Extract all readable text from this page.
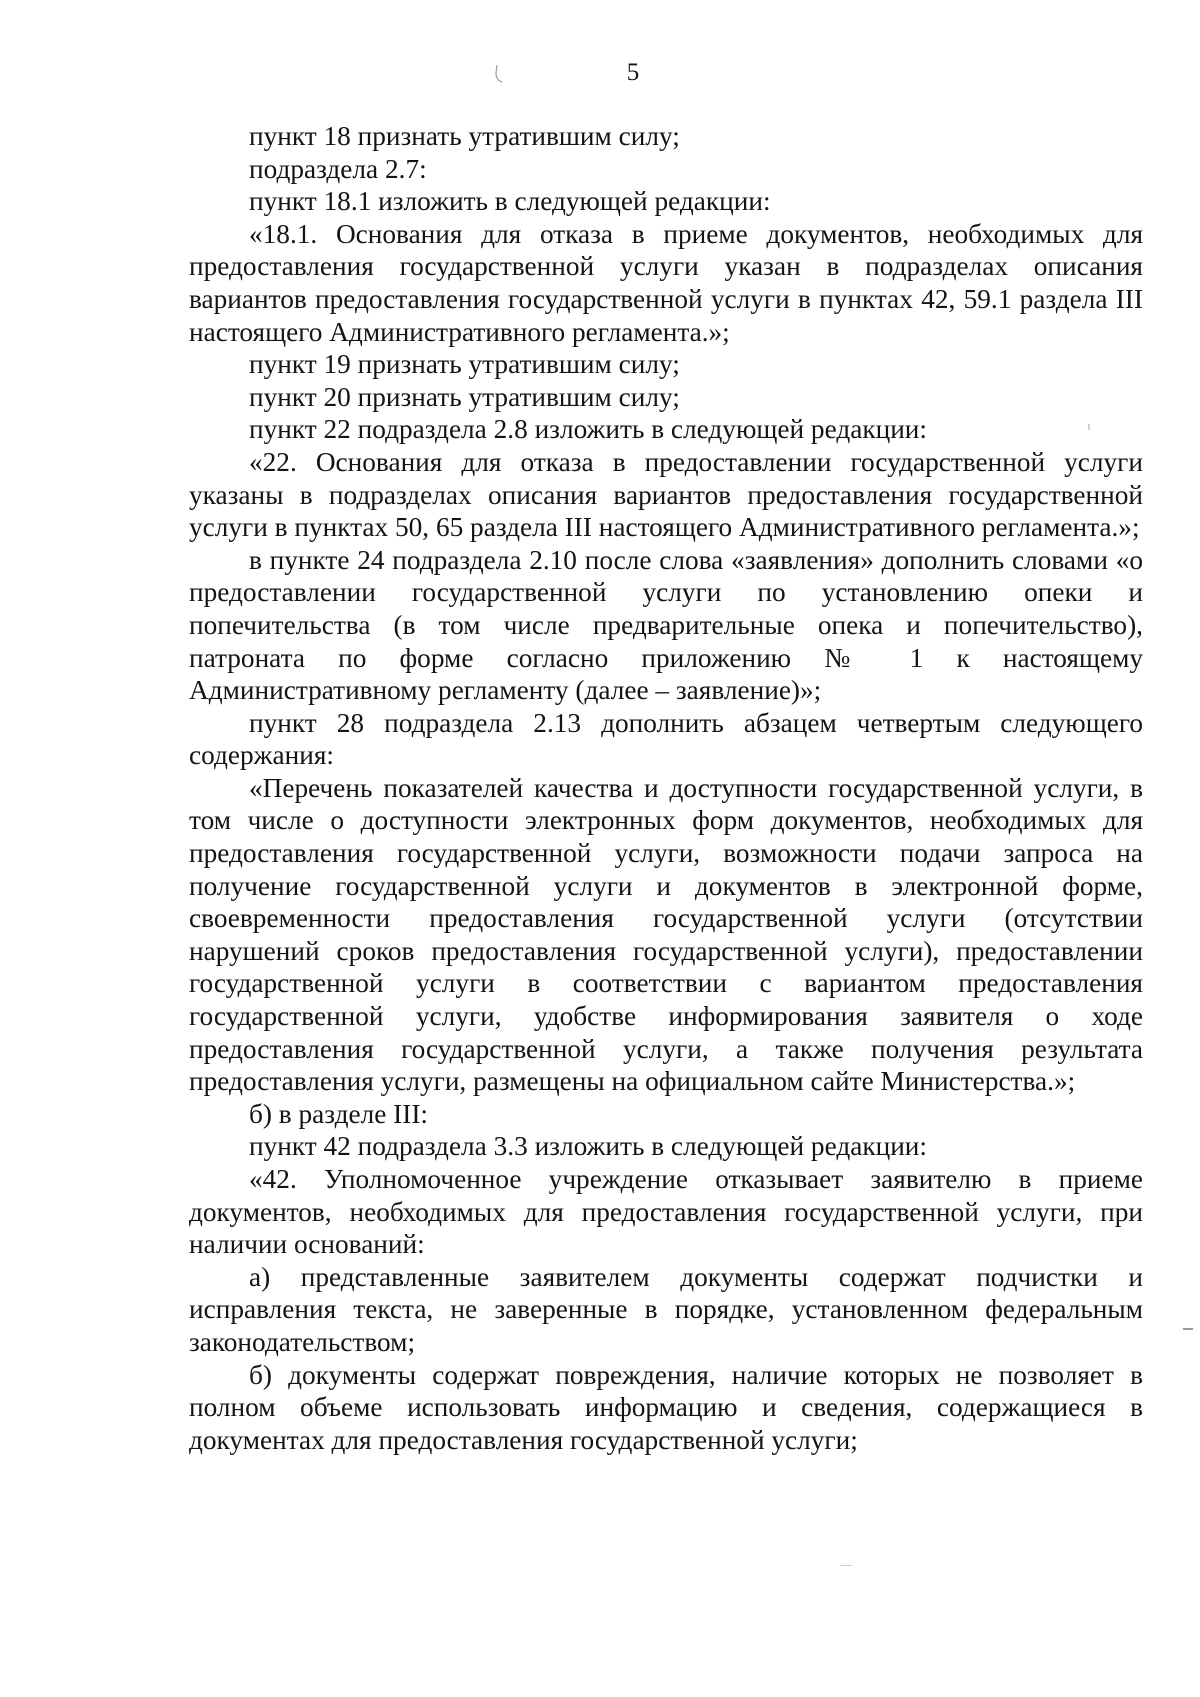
5

пункт 18 признать утратившим силу;

подраздела 2.7:

пункт 18.1 изложить в следующей редакции:

«18.1. Основания для отказа в приеме документов, необходимых для предоставления государственной услуги указан в подразделах описания вариантов предоставления государственной услуги в пунктах 42, 59.1 раздела III настоящего Административного регламента.»;

пункт 19 признать утратившим силу;

пункт 20 признать утратившим силу;

пункт 22 подраздела 2.8 изложить в следующей редакции:

«22. Основания для отказа в предоставлении государственной услуги указаны в подразделах описания вариантов предоставления государственной услуги в пунктах 50, 65 раздела III настоящего Административного регламента.»;

в пункте 24 подраздела 2.10 после слова «заявления» дополнить словами «о предоставлении государственной услуги по установлению опеки и попечительства (в том числе предварительные опека и попечительство), патроната по форме согласно приложению № 1 к настоящему Административному регламенту (далее – заявление)»;

пункт 28 подраздела 2.13 дополнить абзацем четвертым следующего содержания:

«Перечень показателей качества и доступности государственной услуги, в том числе о доступности электронных форм документов, необходимых для предоставления государственной услуги, возможности подачи запроса на получение государственной услуги и документов в электронной форме, своевременности предоставления государственной услуги (отсутствии нарушений сроков предоставления государственной услуги), предоставлении государственной услуги в соответствии с вариантом предоставления государственной услуги, удобстве информирования заявителя о ходе предоставления государственной услуги, а также получения результата предоставления услуги, размещены на официальном сайте Министерства.»;

б) в разделе III:

пункт 42 подраздела 3.3 изложить в следующей редакции:

«42. Уполномоченное учреждение отказывает заявителю в приеме документов, необходимых для предоставления государственной услуги, при наличии оснований:

а) представленные заявителем документы содержат подчистки и исправления текста, не заверенные в порядке, установленном федеральным законодательством;

б) документы содержат повреждения, наличие которых не позволяет в полном объеме использовать информацию и сведения, содержащиеся в документах для предоставления государственной услуги;
